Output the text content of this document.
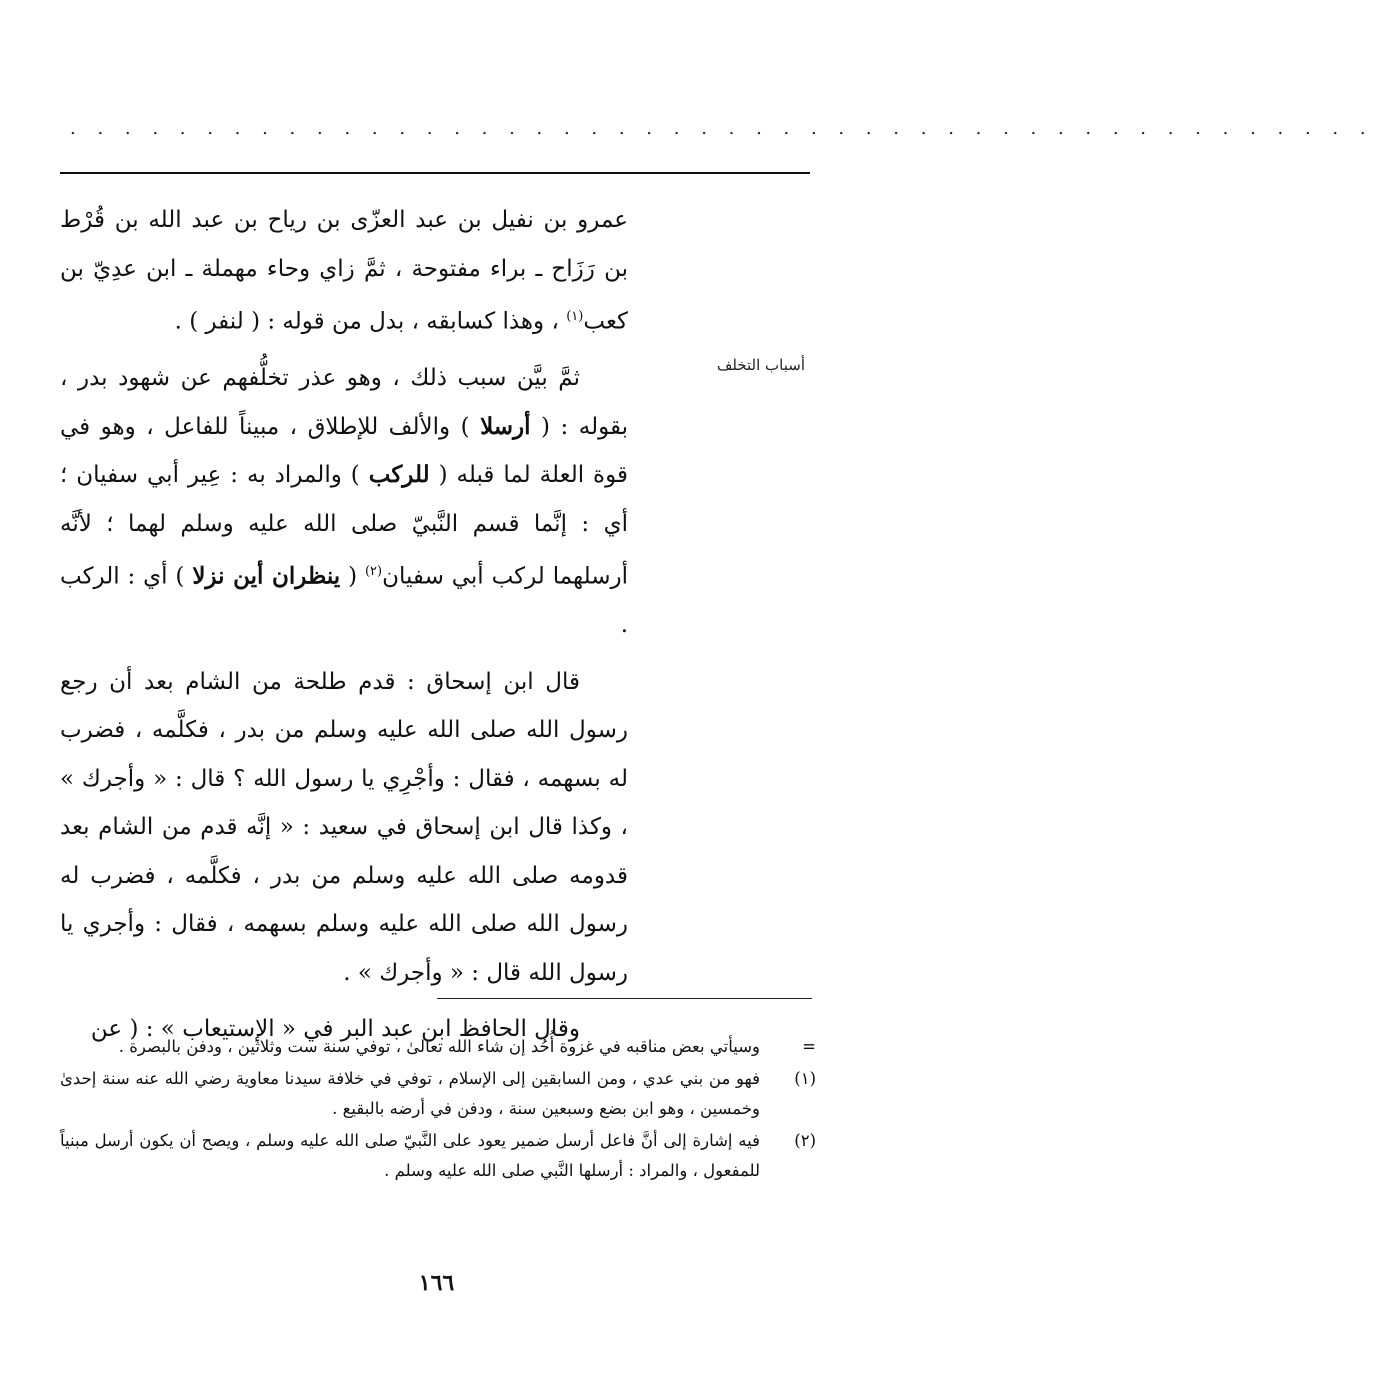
. . . . . . . . . . . . . . . . . . . . . . . . . . . . . . . . . . . . . . . . . . . . . . . .
أسباب التخلف

عمرو بن نفيل بن عبد العزّى بن رياح بن عبد الله بن قُرْط بن رَزَاح ـ براء مفتوحة ، ثمَّ زاي وحاء مهملة ـ ابن عدِيّ بن كعب$^{(١)}$ ، وهذا كسابقه ، بدل من قوله : ( لنفر ) .

ثمَّ بيَّن سبب ذلك ، وهو عذر تخلُّفهم عن شهود بدر ، بقوله : ( أرسلا ) والألف للإطلاق ، مبيناً للفاعل ، وهو في قوة العلة لما قبله ( للركب ) والمراد به : عِير أبي سفيان ؛ أي : إنَّما قسم النَّبيّ صلى الله عليه وسلم لهما ؛ لأنَّه أرسلهما لركب أبي سفيان$^{(٢)}$ ( ينظران أين نزلا ) أي : الركب .

قال ابن إسحاق : قدم طلحة من الشام بعد أن رجع رسول الله صلى الله عليه وسلم من بدر ، فكلَّمه ، فضرب له بسهمه ، فقال : وأجْرِي يا رسول الله ؟ قال : « وأجرك » ، وكذا قال ابن إسحاق في سعيد : « إنَّه قدم من الشام بعد قدومه صلى الله عليه وسلم من بدر ، فكلَّمه ، فضرب له رسول الله صلى الله عليه وسلم بسهمه ، فقال : وأجري يا رسول الله قال : « وأجرك » .

وقال الحافظ ابن عبد البر في « الإستيعاب » : ( عن

=
وسيأتي بعض مناقبه في غزوة أُحُد إن شاء الله تعالىٰ ، توفي سنة ست وثلاثين ، ودفن بالبصرة .
(١)
فهو من بني عدي ، ومن السابقين إلى الإسلام ، توفي في خلافة سيدنا معاوية رضي الله عنه سنة إحدىٰ وخمسين ، وهو ابن بضع وسبعين سنة ، ودفن في أرضه بالبقيع .
(٢)
فيه إشارة إلى أنَّ فاعل أرسل ضمير يعود على النَّبيّ صلى الله عليه وسلم ، ويصح أن يكون أرسل مبنياً للمفعول ، والمراد : أرسلها النَّبي صلى الله عليه وسلم .
١٦٦
